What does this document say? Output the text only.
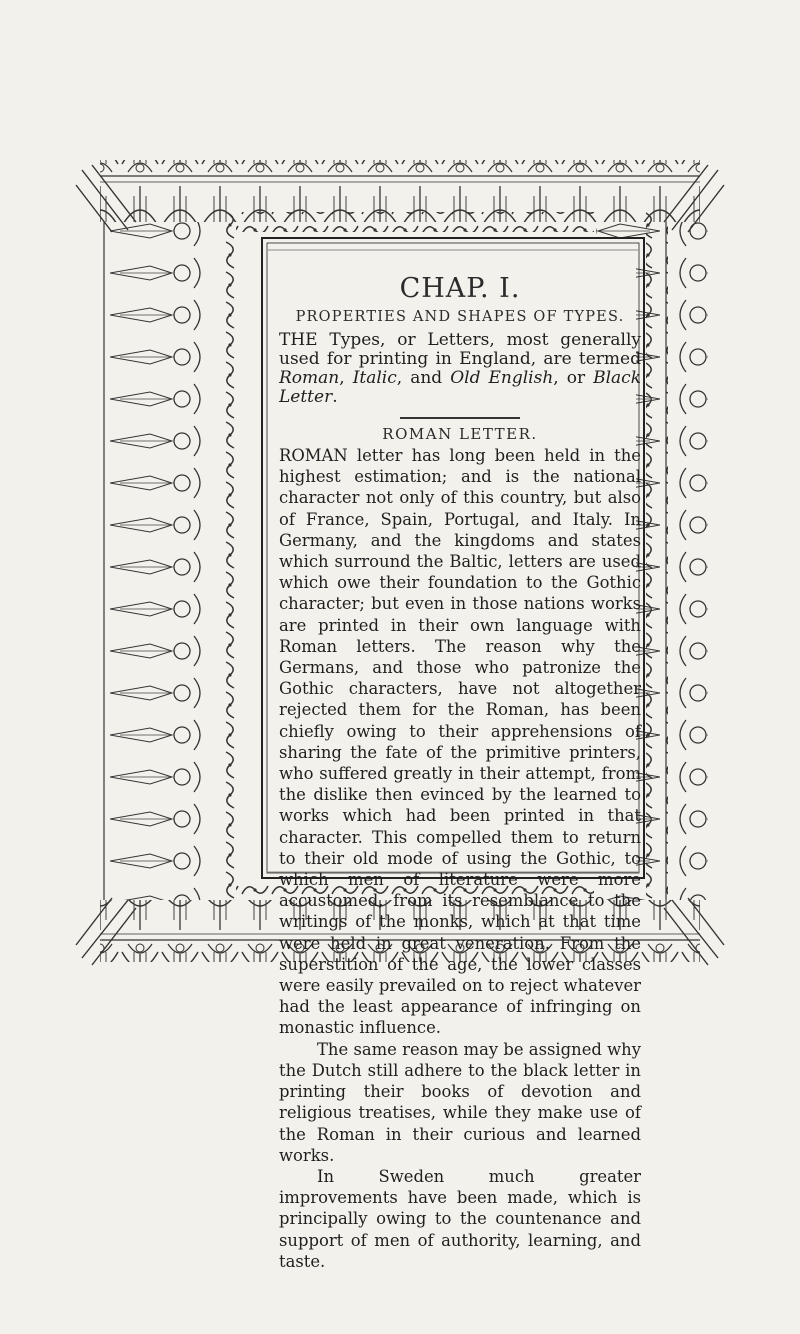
CHAP. I.
PROPERTIES AND SHAPES OF TYPES.

THE Types, or Letters, most generally used for printing in England, are termed Roman, Italic, and Old English, or Black Letter.

ROMAN LETTER.

ROMAN letter has long been held in the highest estimation; and is the national character not only of this country, but also of France, Spain, Portugal, and Italy. In Germany, and the kingdoms and states which surround the Baltic, letters are used which owe their foundation to the Gothic character; but even in those nations works are printed in their own language with Roman letters. The reason why the Germans, and those who patronize the Gothic characters, have not altogether rejected them for the Roman, has been chiefly owing to their apprehensions of sharing the fate of the primitive printers, who suffered greatly in their attempt, from the dislike then evinced by the learned to works which had been printed in that character. This compelled them to return to their old mode of using the Gothic, to which men of literature were more accustomed, from its resemblance to the writings of the monks, which at that time were held in great veneration. From the superstition of the age, the lower classes were easily prevailed on to reject whatever had the least appearance of infringing on monastic influence.

The same reason may be assigned why the Dutch still adhere to the black letter in printing their books of devotion and religious treatises, while they make use of the Roman in their curious and learned works.

In Sweden much greater improvements have been made, which is principally owing to the countenance and support of men of authority, learning, and taste.
